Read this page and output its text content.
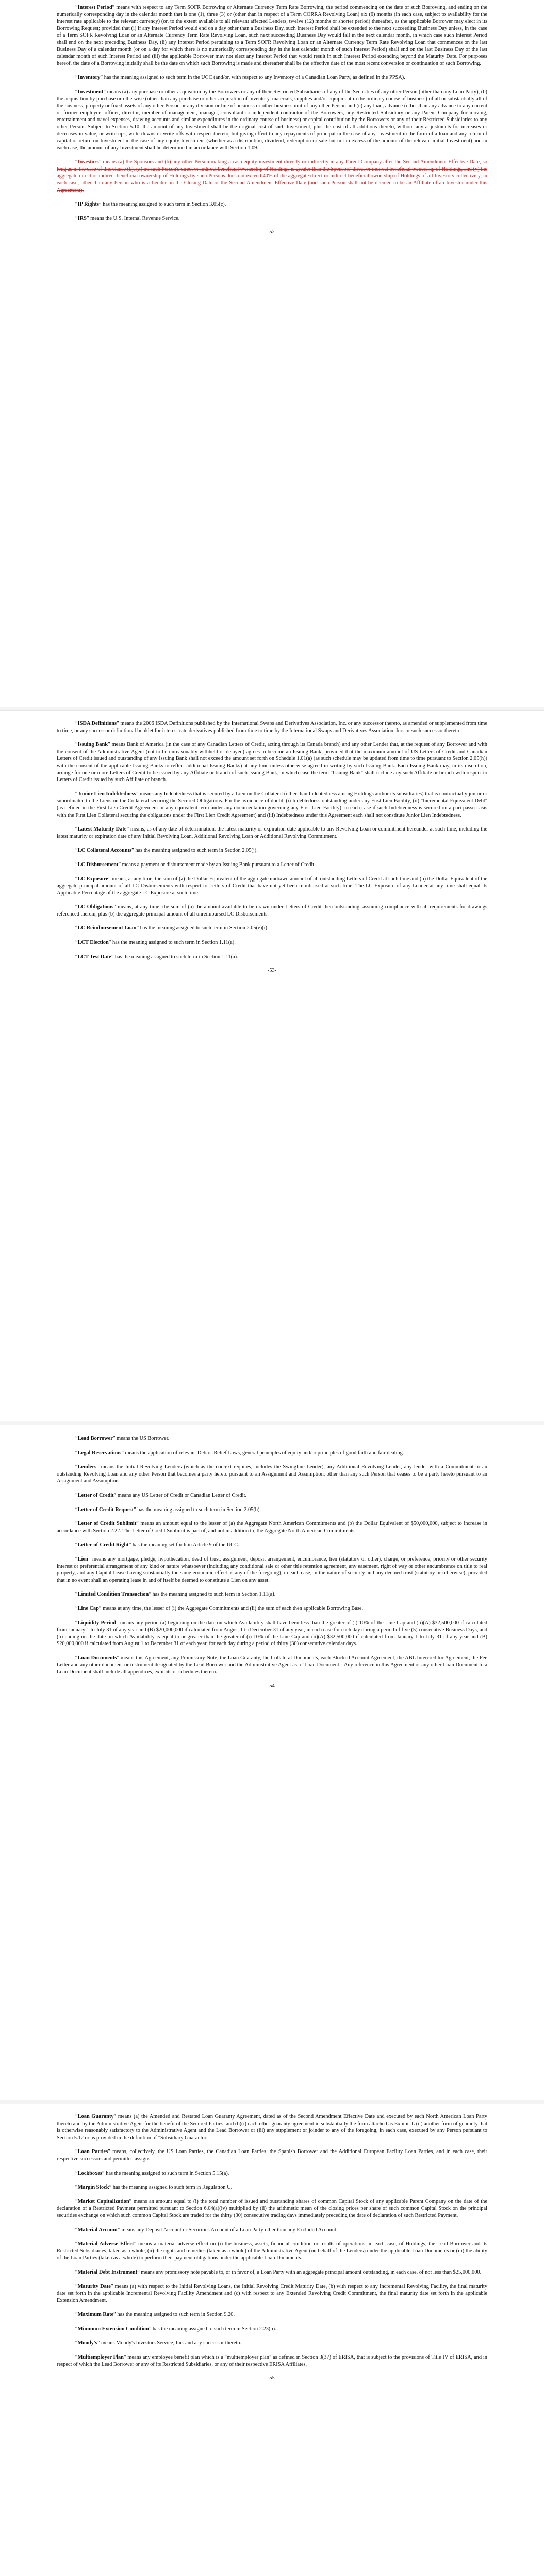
“Interest Period” means with respect to any Term SOFR Borrowing or Alternate Currency Term Rate Borrowing, the period commencing on the date of such Borrowing, and ending on the numerically corresponding day in the calendar month that is one (1), three (3) or (other than in respect of a Term CORRA Revolving Loan) six (6) months (in each case, subject to availability for the interest rate applicable to the relevant currency) (or, to the extent available to all relevant affected Lenders, twelve (12) months or shorter period) thereafter, as the applicable Borrower may elect in its Borrowing Request; provided that (i) if any Interest Period would end on a day other than a Business Day, such Interest Period shall be extended to the next succeeding Business Day unless, in the case of a Term SOFR Revolving Loan or an Alternate Currency Term Rate Revolving Loan, such next succeeding Business Day would fall in the next calendar month, in which case such Interest Period shall end on the next preceding Business Day, (ii) any Interest Period pertaining to a Term SOFR Revolving Loan or an Alternate Currency Term Rate Revolving Loan that commences on the last Business Day of a calendar month (or on a day for which there is no numerically corresponding day in the last calendar month of such Interest Period) shall end on the last Business Day of the last calendar month of such Interest Period and (iii) the applicable Borrower may not elect any Interest Period that would result in such Interest Period extending beyond the Maturity Date. For purposes hereof, the date of a Borrowing initially shall be the date on which such Borrowing is made and thereafter shall be the effective date of the most recent conversion or continuation of such Borrowing.

“Inventory” has the meaning assigned to such term in the UCC (and/or, with respect to any Inventory of a Canadian Loan Party, as defined in the PPSA).

“Investment” means (a) any purchase or other acquisition by the Borrowers or any of their Restricted Subsidiaries of any of the Securities of any other Person (other than any Loan Party), (b) the acquisition by purchase or otherwise (other than any purchase or other acquisition of inventory, materials, supplies and/or equipment in the ordinary course of business) of all or substantially all of the business, property or fixed assets of any other Person or any division or line of business or other business unit of any other Person and (c) any loan, advance (other than any advance to any current or former employee, officer, director, member of management, manager, consultant or independent contractor of the Borrowers, any Restricted Subsidiary or any Parent Company for moving, entertainment and travel expenses, drawing accounts and similar expenditures in the ordinary course of business) or capital contribution by the Borrowers or any of their Restricted Subsidiaries to any other Person. Subject to Section 5.10, the amount of any Investment shall be the original cost of such Investment, plus the cost of all additions thereto, without any adjustments for increases or decreases in value, or write-ups, write-downs or write-offs with respect thereto, but giving effect to any repayments of principal in the case of any Investment in the form of a loan and any return of capital or return on Investment in the case of any equity Investment (whether as a distribution, dividend, redemption or sale but not in excess of the amount of the relevant initial Investment) and in each case, the amount of any Investment shall be determined in accordance with Section 1.09.

“Investors” means (a) the Sponsors and (b) any other Person making a cash equity investment directly or indirectly in any Parent Company after the Second Amendment Effective Date, so long as in the case of this clause (b), (x) no such Person's direct or indirect beneficial ownership of Holdings is greater than the Sponsors' direct or indirect beneficial ownership of Holdings, and (y) the aggregate direct or indirect beneficial ownership of Holdings by such Persons does not exceed 40% of the aggregate direct or indirect beneficial ownership of Holdings of all Investors collectively, in each case, other than any Person who is a Lender on the Closing Date or the Second Amendment Effective Date (and such Person shall not be deemed to be an Affiliate of an Investor under this Agreement).

“IP Rights” has the meaning assigned to such term in Section 3.05(c).

“IRS” means the U.S. Internal Revenue Service.

-52-

“ISDA Definitions” means the 2006 ISDA Definitions published by the International Swaps and Derivatives Association, Inc. or any successor thereto, as amended or supplemented from time to time, or any successor definitional booklet for interest rate derivatives published from time to time by the International Swaps and Derivatives Association, Inc. or such successor thereto.

“Issuing Bank” means Bank of America (in the case of any Canadian Letters of Credit, acting through its Canada branch) and any other Lender that, at the request of any Borrower and with the consent of the Administrative Agent (not to be unreasonably withheld or delayed) agrees to become an Issuing Bank; provided that the maximum amount of US Letters of Credit and Canadian Letters of Credit issued and outstanding of any Issuing Bank shall not exceed the amount set forth on Schedule 1.01(a) (as such schedule may be updated from time to time pursuant to Section 2.05(h)) with the consent of the applicable Issuing Banks to reflect additional Issuing Banks) at any time unless otherwise agreed in writing by such Issuing Bank. Each Issuing Bank may, in its discretion, arrange for one or more Letters of Credit to be issued by any Affiliate or branch of such Issuing Bank, in which case the term "Issuing Bank" shall include any such Affiliate or branch with respect to Letters of Credit issued by such Affiliate or branch.

“Junior Lien Indebtedness” means any Indebtedness that is secured by a Lien on the Collateral (other than Indebtedness among Holdings and/or its subsidiaries) that is contractually junior or subordinated to the Liens on the Collateral securing the Secured Obligations. For the avoidance of doubt, (i) Indebtedness outstanding under any First Lien Facility, (ii) "Incremental Equivalent Debt" (as defined in the First Lien Credit Agreement or any equivalent term under any documentation governing any First Lien Facility), in each case if such Indebtedness is secured on a pari passu basis with the First Lien Collateral securing the obligations under the First Lien Credit Agreement) and (iii) Indebtedness under this Agreement each shall not constitute Junior Lien Indebtedness.

“Latest Maturity Date” means, as of any date of determination, the latest maturity or expiration date applicable to any Revolving Loan or commitment hereunder at such time, including the latest maturity or expiration date of any Initial Revolving Loan, Additional Revolving Loan or Additional Revolving Commitment.

“LC Collateral Accounts” has the meaning assigned to such term in Section 2.05(j).

“LC Disbursement” means a payment or disbursement made by an Issuing Bank pursuant to a Letter of Credit.

“LC Exposure” means, at any time, the sum of (a) the Dollar Equivalent of the aggregate undrawn amount of all outstanding Letters of Credit at such time and (b) the Dollar Equivalent of the aggregate principal amount of all LC Disbursements with respect to Letters of Credit that have not yet been reimbursed at such time. The LC Exposure of any Lender at any time shall equal its Applicable Percentage of the aggregate LC Exposure at such time.

“LC Obligations” means, at any time, the sum of (a) the amount available to be drawn under Letters of Credit then outstanding, assuming compliance with all requirements for drawings referenced therein, plus (b) the aggregate principal amount of all unreimbursed LC Disbursements.

“LC Reimbursement Loan” has the meaning assigned to such term in Section 2.05(e)(i).

“LCT Election” has the meaning assigned to such term in Section 1.11(a).

“LCT Test Date” has the meaning assigned to such term in Section 1.11(a).

-53-

“Lead Borrower” means the US Borrower.

“Legal Reservations” means the application of relevant Debtor Relief Laws, general principles of equity and/or principles of good faith and fair dealing.

“Lenders” means the Initial Revolving Lenders (which as the context requires, includes the Swingline Lender), any Additional Revolving Lender, any lender with a Commitment or an outstanding Revolving Loan and any other Person that becomes a party hereto pursuant to an Assignment and Assumption, other than any such Person that ceases to be a party hereto pursuant to an Assignment and Assumption.

“Letter of Credit” means any US Letter of Credit or Canadian Letter of Credit.

“Letter of Credit Request” has the meaning assigned to such term in Section 2.05(b).

“Letter of Credit Sublimit” means an amount equal to the lesser of (a) the Aggregate North American Commitments and (b) the Dollar Equivalent of $50,000,000, subject to increase in accordance with Section 2.22. The Letter of Credit Sublimit is part of, and not in addition to, the Aggregate North American Commitments.

“Letter-of-Credit Right” has the meaning set forth in Article 9 of the UCC.

“Lien” means any mortgage, pledge, hypothecation, deed of trust, assignment, deposit arrangement, encumbrance, lien (statutory or other), charge, or preference, priority or other security interest or preferential arrangement of any kind or nature whatsoever (including any conditional sale or other title retention agreement, any easement, right of way or other encumbrance on title to real property, and any Capital Lease having substantially the same economic effect as any of the foregoing), in each case, in the nature of security and any deemed trust (statutory or otherwise); provided that in no event shall an operating lease in and of itself be deemed to constitute a Lien on any asset.

“Limited Condition Transaction” has the meaning assigned to such term in Section 1.11(a).

“Line Cap” means at any time, the lesser of (i) the Aggregate Commitments and (ii) the sum of each then applicable Borrowing Base.

“Liquidity Period” means any period (a) beginning on the date on which Availability shall have been less than the greater of (i) 10% of the Line Cap and (ii)(A) $32,500,000 if calculated from January 1 to July 31 of any year and (B) $20,000,000 if calculated from August 1 to December 31 of any year, in each case for each day during a period of five (5) consecutive Business Days, and (b) ending on the date on which Availability is equal to or greater than the greater of (i) 10% of the Line Cap and (ii)(A) $32,500,000 if calculated from January 1 to July 31 of any year and (B) $20,000,000 if calculated from August 1 to December 31 of each year, for each day during a period of thirty (30) consecutive calendar days.

“Loan Documents” means this Agreement, any Promissory Note, the Loan Guaranty, the Collateral Documents, each Blocked Account Agreement, the ABL Intercreditor Agreement, the Fee Letter and any other document or instrument designated by the Lead Borrower and the Administrative Agent as a "Loan Document." Any reference in this Agreement or any other Loan Document to a Loan Document shall include all appendices, exhibits or schedules thereto.

-54-

“Loan Guaranty” means (a) the Amended and Restated Loan Guaranty Agreement, dated as of the Second Amendment Effective Date and executed by each North American Loan Party thereto and by the Administrative Agent for the benefit of the Secured Parties, and (b)(i) each other guaranty agreement in substantially the form attached as Exhibit L (ii) another form of guaranty that is otherwise reasonably satisfactory to the Administrative Agent and the Lead Borrower or (iii) any supplement or joinder to any of the foregoing, in each case, executed by any Person pursuant to Section 5.12 or as provided in the definition of "Subsidiary Guarantor".

“Loan Parties” means, collectively, the US Loan Parties, the Canadian Loan Parties, the Spanish Borrower and the Additional European Facility Loan Parties, and in each case, their respective successors and permitted assigns.

“Lockboxes” has the meaning assigned to such term in Section 5.15(a).

“Margin Stock” has the meaning assigned to such term in Regulation U.

“Market Capitalization” means an amount equal to (i) the total number of issued and outstanding shares of common Capital Stock of any applicable Parent Company on the date of the declaration of a Restricted Payment permitted pursuant to Section 6.04(a)(iv) multiplied by (ii) the arithmetic mean of the closing prices per share of such common Capital Stock on the principal securities exchange on which such common Capital Stock are traded for the thirty (30) consecutive trading days immediately preceding the date of declaration of such Restricted Payment.

“Material Account” means any Deposit Account or Securities Account of a Loan Party other than any Excluded Account.

“Material Adverse Effect” means a material adverse effect on (i) the business, assets, financial condition or results of operations, in each case, of Holdings, the Lead Borrower and its Restricted Subsidiaries, taken as a whole, (ii) the rights and remedies (taken as a whole) of the Administrative Agent (on behalf of the Lenders) under the applicable Loan Documents or (iii) the ability of the Loan Parties (taken as a whole) to perform their payment obligations under the applicable Loan Documents.

“Material Debt Instrument” means any promissory note payable to, or in favor of, a Loan Party with an aggregate principal amount outstanding, in each case, of not less than $25,000,000.

“Maturity Date” means (a) with respect to the Initial Revolving Loans, the Initial Revolving Credit Maturity Date, (b) with respect to any Incremental Revolving Facility, the final maturity date set forth in the applicable Incremental Revolving Facility Amendment and (c) with respect to any Extended Revolving Credit Commitment, the final maturity date set forth in the applicable Extension Amendment.

“Maximum Rate” has the meaning assigned to such term in Section 9.20.

“Minimum Extension Condition” has the meaning assigned to such term in Section 2.23(b).

“Moody's” means Moody's Investors Service, Inc. and any successor thereto.

“Multiemployer Plan” means any employee benefit plan which is a "multiemployer plan" as defined in Section 3(37) of ERISA, that is subject to the provisions of Title IV of ERISA, and in respect of which the Lead Borrower or any of its Restricted Subsidiaries, or any of their respective ERISA Affiliates,

-55-
